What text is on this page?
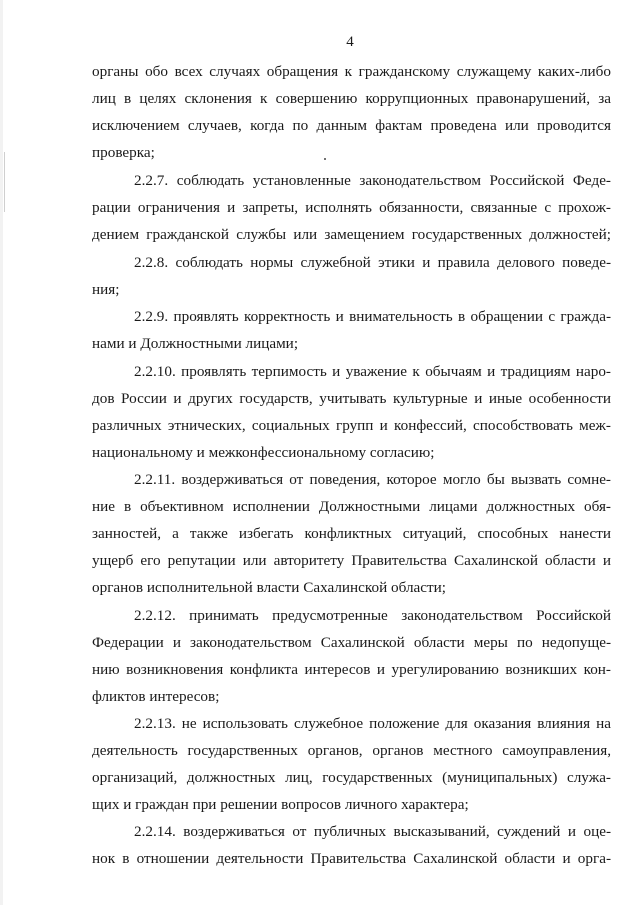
4
органы обо всех случаях обращения к гражданскому служащему каких-либо
лиц в целях склонения к совершению коррупционных правонарушений, за
исключением случаев, когда по данным фактам проведена или проводится
проверка;
2.2.7. соблюдать установленные законодательством Российской Феде-
рации ограничения и запреты, исполнять обязанности, связанные с прохож-
дением гражданской службы или замещением государственных должностей;
2.2.8. соблюдать нормы служебной этики и правила делового поведе-
ния;
2.2.9. проявлять корректность и внимательность в обращении с гражда-
нами и Должностными лицами;
2.2.10. проявлять терпимость и уважение к обычаям и традициям наро-
дов России и других государств, учитывать культурные и иные особенности
различных этнических, социальных групп и конфессий, способствовать меж-
национальному и межконфессиональному согласию;
2.2.11. воздерживаться от поведения, которое могло бы вызвать сомне-
ние в объективном исполнении Должностными лицами должностных обя-
занностей, а также избегать конфликтных ситуаций, способных нанести
ущерб его репутации или авторитету Правительства Сахалинской области и
органов исполнительной власти Сахалинской области;
2.2.12. принимать предусмотренные законодательством Российской
Федерации и законодательством Сахалинской области меры по недопуще-
нию возникновения конфликта интересов и урегулированию возникших кон-
фликтов интересов;
2.2.13. не использовать служебное положение для оказания влияния на
деятельность государственных органов, органов местного самоуправления,
организаций, должностных лиц, государственных (муниципальных) служа-
щих и граждан при решении вопросов личного характера;
2.2.14. воздерживаться от публичных высказываний, суждений и оце-
нок в отношении деятельности Правительства Сахалинской области и орга-
